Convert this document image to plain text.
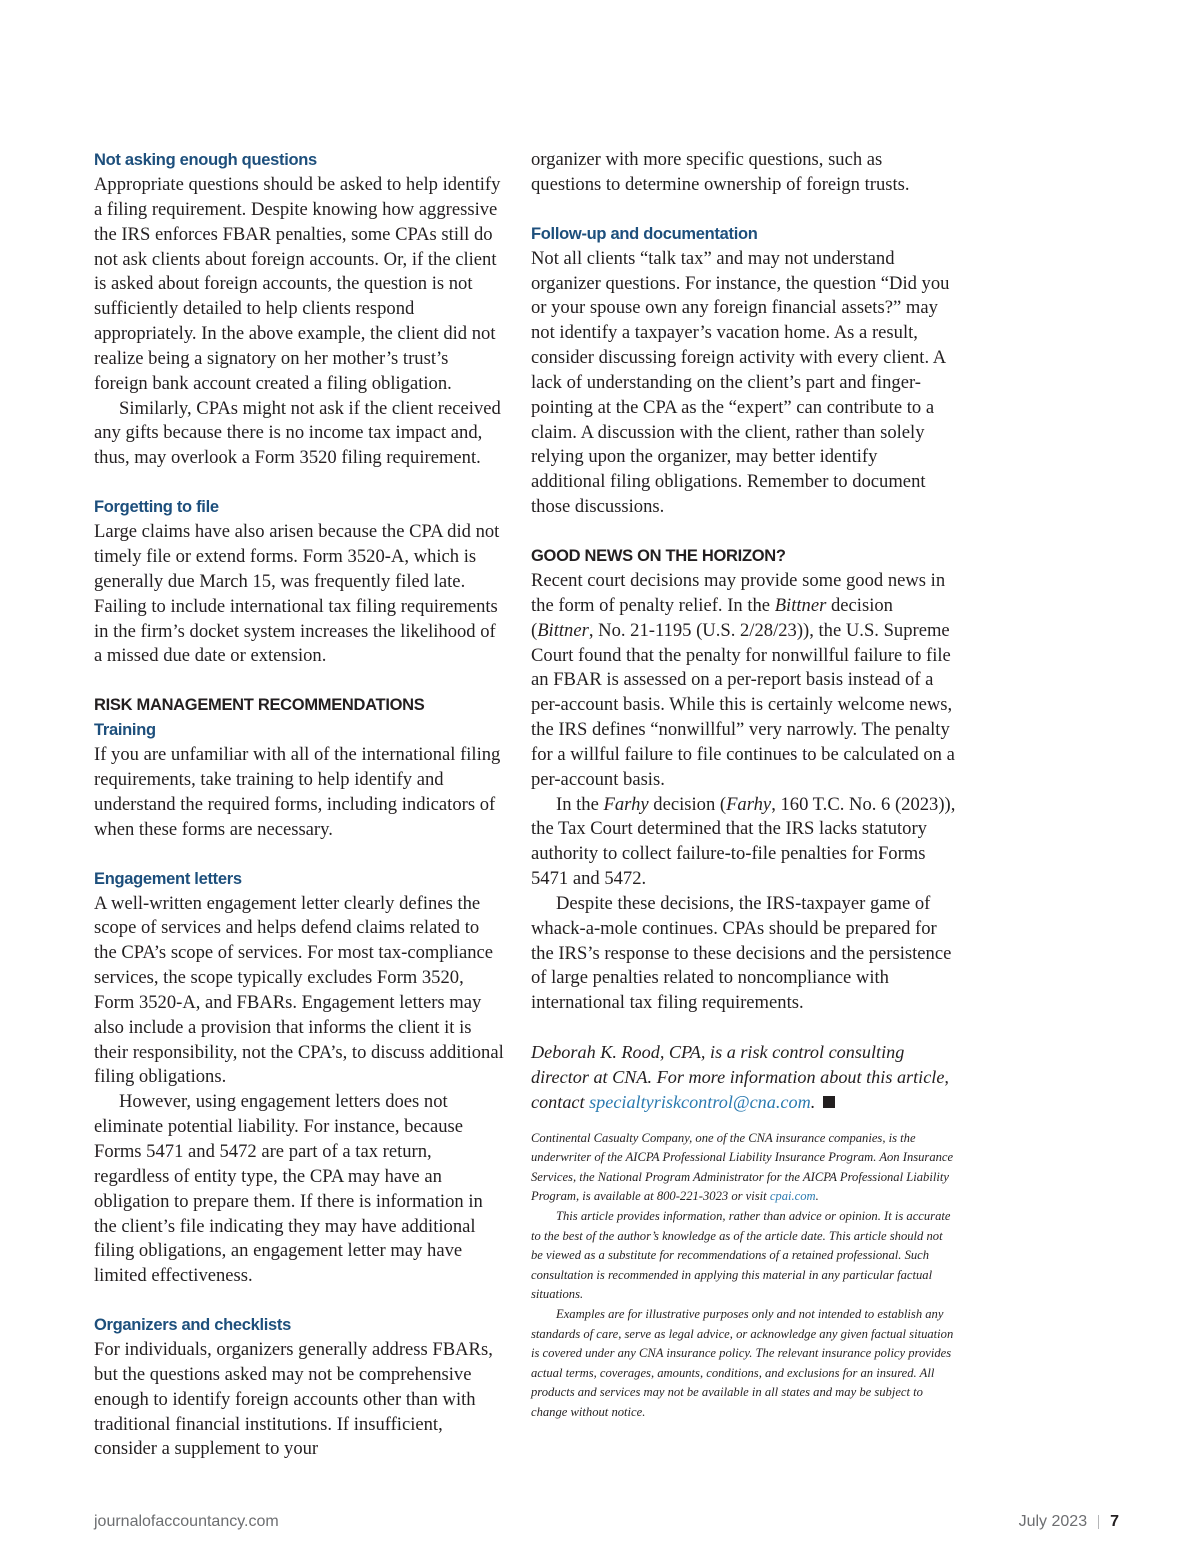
Not asking enough questions

Appropriate questions should be asked to help identify a filing requirement. Despite knowing how aggressive the IRS enforces FBAR penalties, some CPAs still do not ask clients about foreign accounts. Or, if the client is asked about foreign accounts, the question is not sufficiently detailed to help clients respond appropriately. In the above example, the client did not realize being a signatory on her mother’s trust’s foreign bank account created a filing obligation.

Similarly, CPAs might not ask if the client received any gifts because there is no income tax impact and, thus, may overlook a Form 3520 filing requirement.

Forgetting to file

Large claims have also arisen because the CPA did not timely file or extend forms. Form 3520-A, which is generally due March 15, was frequently filed late. Failing to include international tax filing requirements in the firm’s docket system increases the likelihood of a missed due date or extension.

RISK MANAGEMENT RECOMMENDATIONS
Training

If you are unfamiliar with all of the international filing requirements, take training to help identify and understand the required forms, including indicators of when these forms are necessary.

Engagement letters

A well-written engagement letter clearly defines the scope of services and helps defend claims related to the CPA’s scope of services. For most tax-compliance services, the scope typically excludes Form 3520, Form 3520-A, and FBARs. Engagement letters may also include a provision that informs the client it is their responsibility, not the CPA’s, to discuss additional filing obligations.

However, using engagement letters does not eliminate potential liability. For instance, because Forms 5471 and 5472 are part of a tax return, regardless of entity type, the CPA may have an obligation to prepare them. If there is information in the client’s file indicating they may have additional filing obligations, an engagement letter may have limited effectiveness.

Organizers and checklists

For individuals, organizers generally address FBARs, but the questions asked may not be comprehensive enough to identify foreign accounts other than with traditional financial institutions. If insufficient, consider a supplement to your

organizer with more specific questions, such as questions to determine ownership of foreign trusts.

Follow-up and documentation

Not all clients “talk tax” and may not understand organizer questions. For instance, the question “Did you or your spouse own any foreign financial assets?” may not identify a taxpayer’s vacation home. As a result, consider discussing foreign activity with every client. A lack of understanding on the client’s part and finger-pointing at the CPA as the “expert” can contribute to a claim. A discussion with the client, rather than solely relying upon the organizer, may better identify additional filing obligations. Remember to document those discussions.

GOOD NEWS ON THE HORIZON?

Recent court decisions may provide some good news in the form of penalty relief. In the Bittner decision (Bittner, No. 21-1195 (U.S. 2/28/23)), the U.S. Supreme Court found that the penalty for nonwillful failure to file an FBAR is assessed on a per-report basis instead of a per-account basis. While this is certainly welcome news, the IRS defines “nonwillful” very narrowly. The penalty for a willful failure to file continues to be calculated on a per-account basis.

In the Farhy decision (Farhy, 160 T.C. No. 6 (2023)), the Tax Court determined that the IRS lacks statutory authority to collect failure-to-file penalties for Forms 5471 and 5472.

Despite these decisions, the IRS-taxpayer game of whack-a-mole continues. CPAs should be prepared for the IRS’s response to these decisions and the persistence of large penalties related to noncompliance with international tax filing requirements.

Deborah K. Rood, CPA, is a risk control consulting director at CNA. For more information about this article, contact specialtyriskcontrol@cna.com.

Continental Casualty Company, one of the CNA insurance companies, is the underwriter of the AICPA Professional Liability Insurance Program. Aon Insurance Services, the National Program Administrator for the AICPA Professional Liability Program, is available at 800-221-3023 or visit cpai.com.

This article provides information, rather than advice or opinion. It is accurate to the best of the author’s knowledge as of the article date. This article should not be viewed as a substitute for recommendations of a retained professional. Such consultation is recommended in applying this material in any particular factual situations.

Examples are for illustrative purposes only and not intended to establish any standards of care, serve as legal advice, or acknowledge any given factual situation is covered under any CNA insurance policy. The relevant insurance policy provides actual terms, coverages, amounts, conditions, and exclusions for an insured. All products and services may not be available in all states and may be subject to change without notice.

journalofaccountancy.com	July 2023 7
